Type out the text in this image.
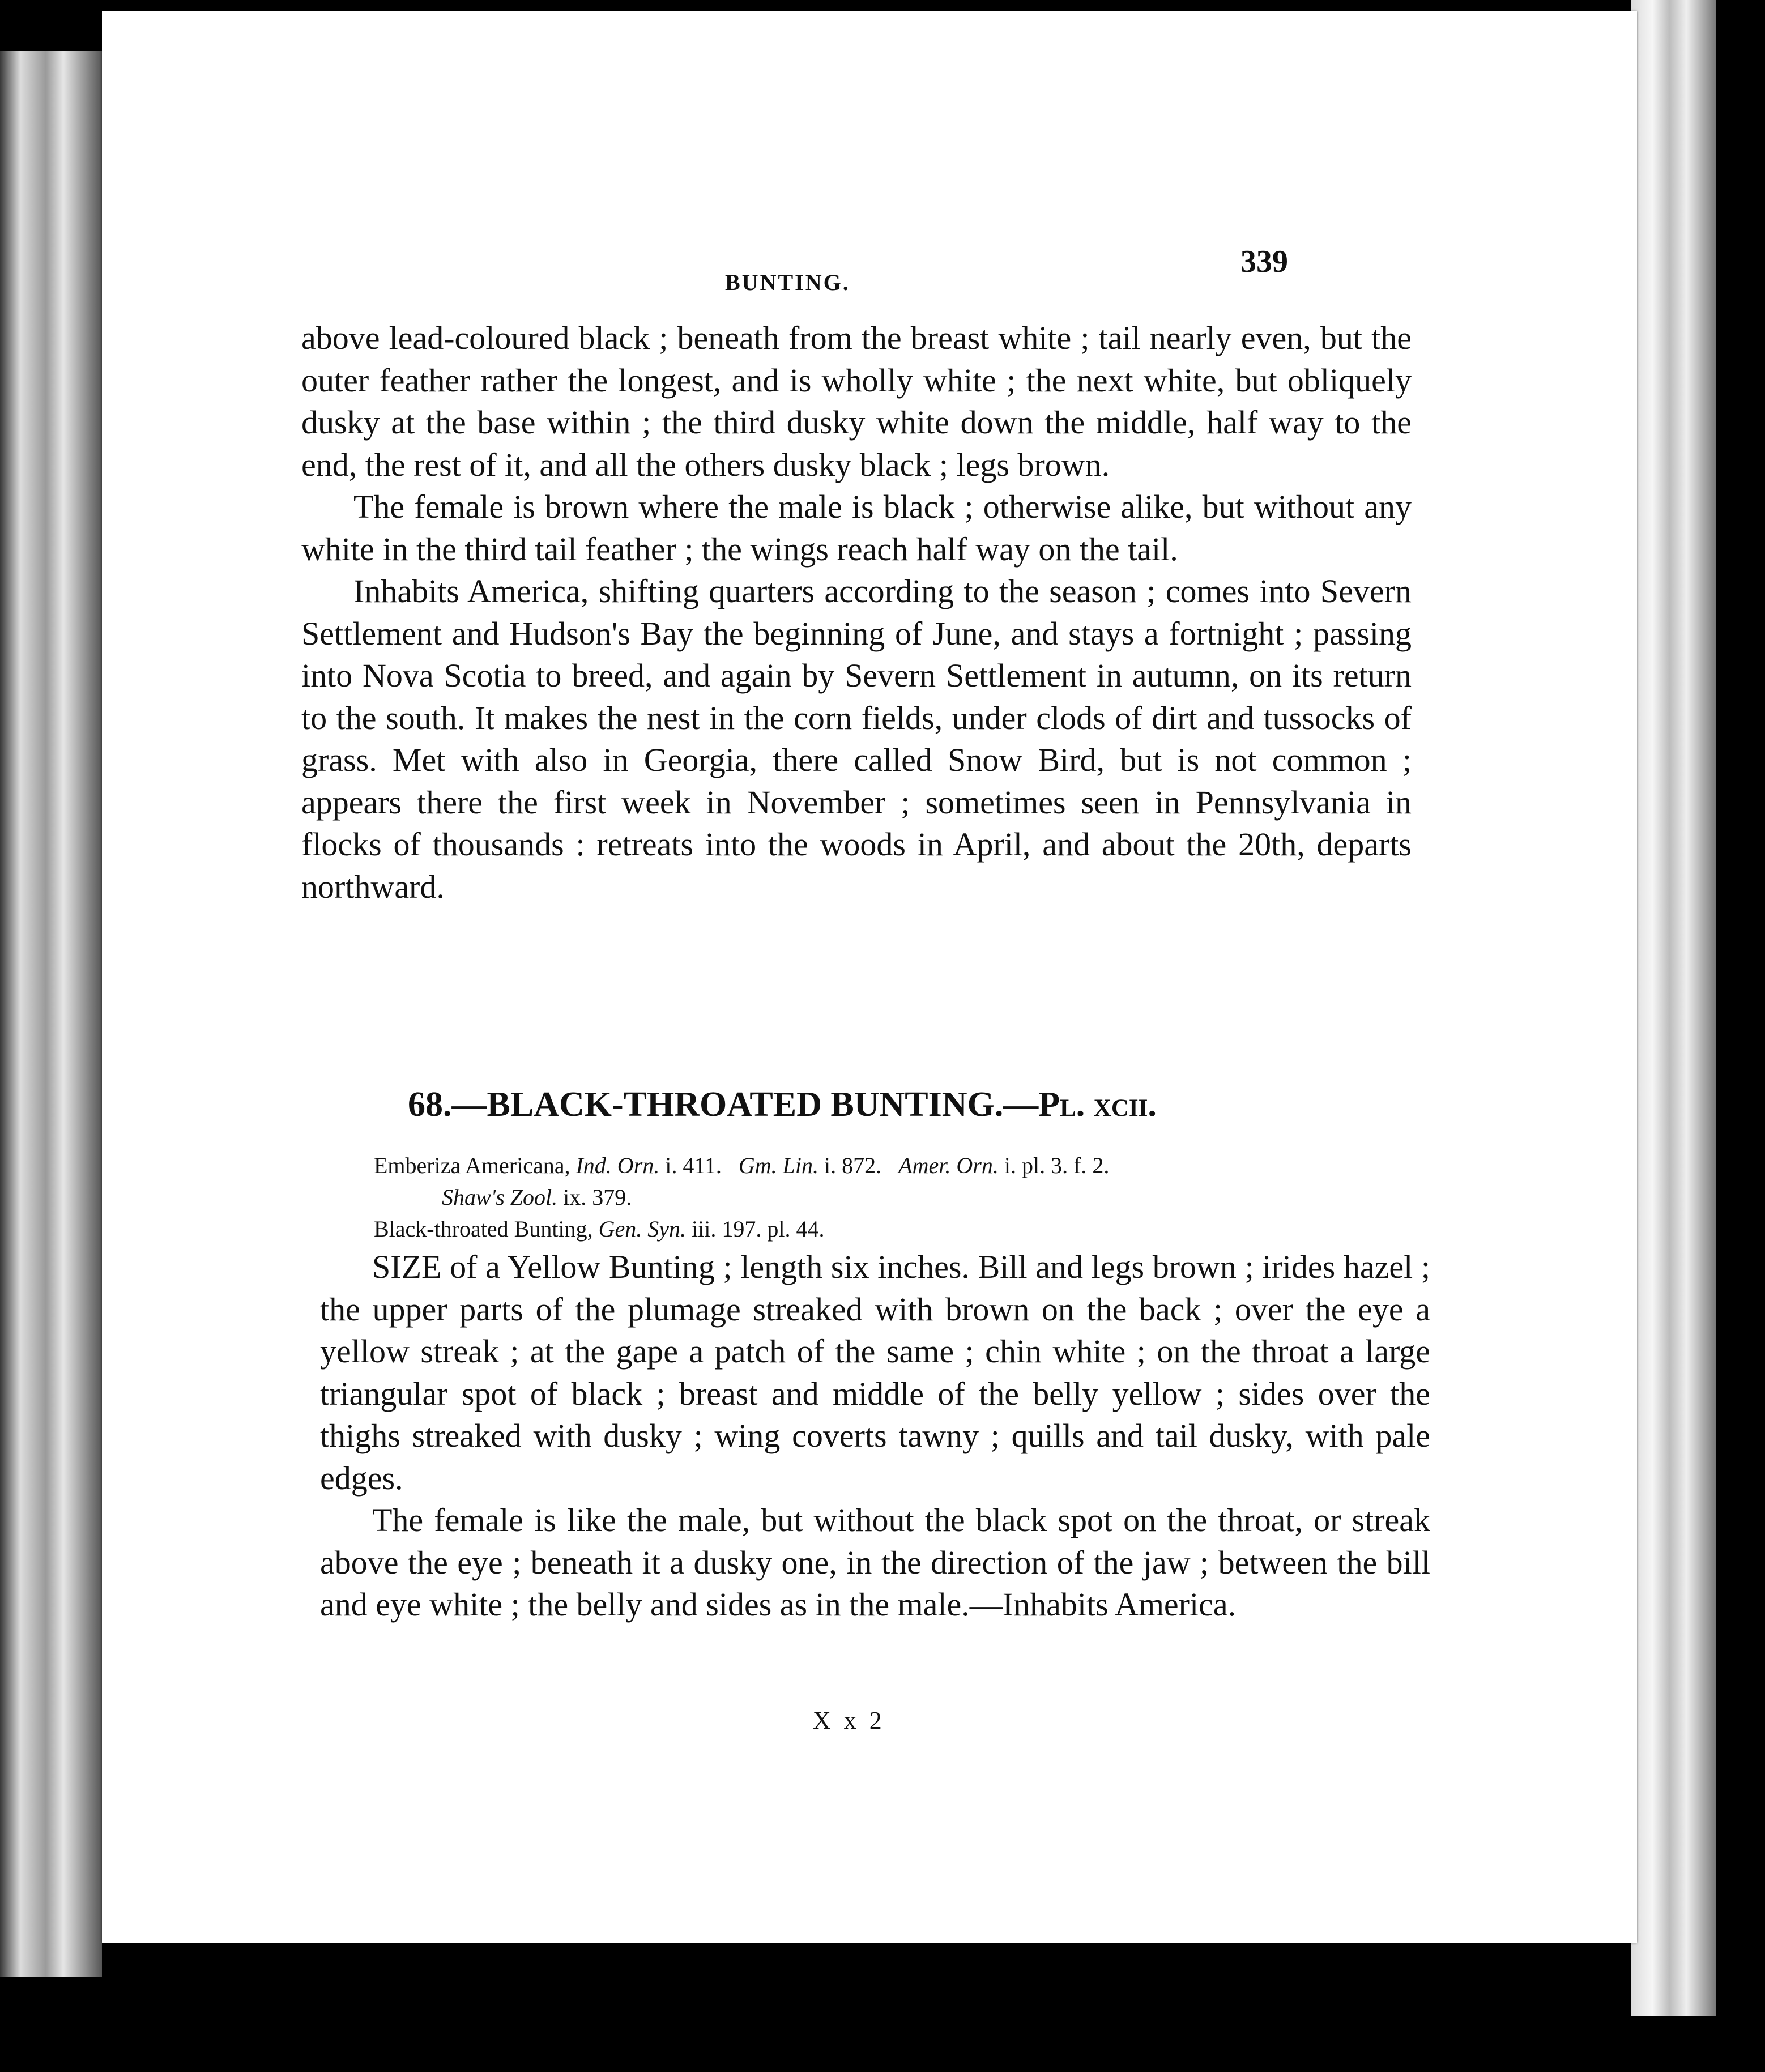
BUNTING.
339

above lead-coloured black ; beneath from the breast white ; tail nearly even, but the outer feather rather the longest, and is wholly white ; the next white, but obliquely dusky at the base within ; the third dusky white down the middle, half way to the end, the rest of it, and all the others dusky black ; legs brown.

The female is brown where the male is black ; otherwise alike, but without any white in the third tail feather ; the wings reach half way on the tail.

Inhabits America, shifting quarters according to the season ; comes into Severn Settlement and Hudson's Bay the beginning of June, and stays a fortnight ; passing into Nova Scotia to breed, and again by Severn Settlement in autumn, on its return to the south. It makes the nest in the corn fields, under clods of dirt and tussocks of grass. Met with also in Georgia, there called Snow Bird, but is not common ; appears there the first week in November ; sometimes seen in Pennsylvania in flocks of thousands : retreats into the woods in April, and about the 20th, departs northward.

68.—BLACK-THROATED BUNTING.—Pl. xcii.
Emberiza Americana, Ind. Orn. i. 411. Gm. Lin. i. 872. Amer. Orn. i. pl. 3. f. 2.
Shaw's Zool. ix. 379.
Black-throated Bunting, Gen. Syn. iii. 197. pl. 44.

SIZE of a Yellow Bunting ; length six inches. Bill and legs brown ; irides hazel ; the upper parts of the plumage streaked with brown on the back ; over the eye a yellow streak ; at the gape a patch of the same ; chin white ; on the throat a large triangular spot of black ; breast and middle of the belly yellow ; sides over the thighs streaked with dusky ; wing coverts tawny ; quills and tail dusky, with pale edges.

The female is like the male, but without the black spot on the throat, or streak above the eye ; beneath it a dusky one, in the direction of the jaw ; between the bill and eye white ; the belly and sides as in the male.—Inhabits America.

X x 2
